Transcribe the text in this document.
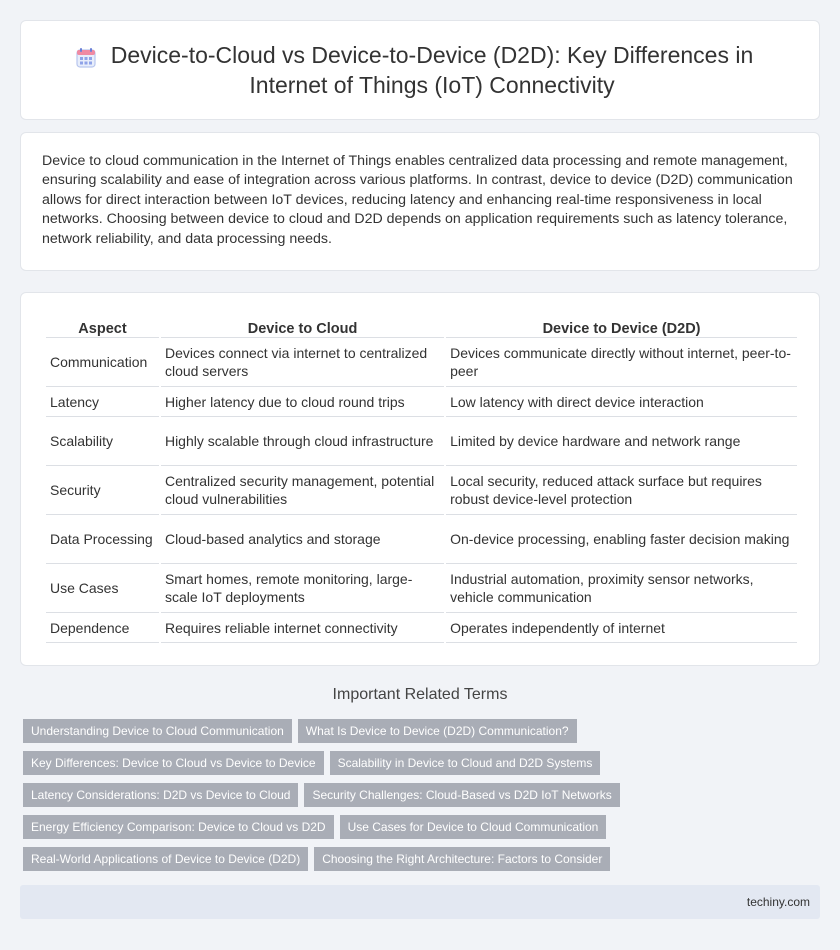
Device-to-Cloud vs Device-to-Device (D2D): Key Differences in Internet of Things (IoT) Connectivity

Device to cloud communication in the Internet of Things enables centralized data processing and remote management, ensuring scalability and ease of integration across various platforms. In contrast, device to device (D2D) communication allows for direct interaction between IoT devices, reducing latency and enhancing real-time responsiveness in local networks. Choosing between device to cloud and D2D depends on application requirements such as latency tolerance, network reliability, and data processing needs.

Aspect	Device to Cloud	Device to Device (D2D)
Communication	Devices connect via internet to centralized cloud servers	Devices communicate directly without internet, peer-to-peer
Latency	Higher latency due to cloud round trips	Low latency with direct device interaction
Scalability	Highly scalable through cloud infrastructure	Limited by device hardware and network range
Security	Centralized security management, potential cloud vulnerabilities	Local security, reduced attack surface but requires robust device-level protection
Data Processing	Cloud-based analytics and storage	On-device processing, enabling faster decision making
Use Cases	Smart homes, remote monitoring, large-scale IoT deployments	Industrial automation, proximity sensor networks, vehicle communication
Dependence	Requires reliable internet connectivity	Operates independently of internet
Important Related Terms
Understanding Device to Cloud Communication	What Is Device to Device (D2D) Communication?
Key Differences: Device to Cloud vs Device to Device	Scalability in Device to Cloud and D2D Systems
Latency Considerations: D2D vs Device to Cloud	Security Challenges: Cloud-Based vs D2D IoT Networks
Energy Efficiency Comparison: Device to Cloud vs D2D	Use Cases for Device to Cloud Communication
Real-World Applications of Device to Device (D2D)	Choosing the Right Architecture: Factors to Consider
techiny.com
